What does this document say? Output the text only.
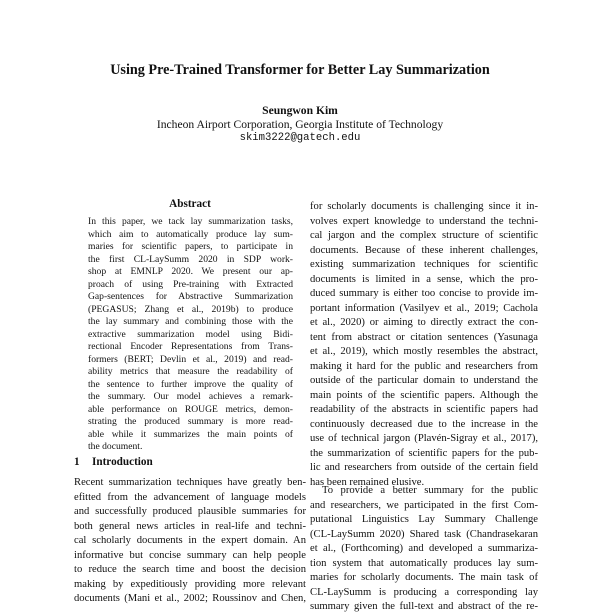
Using Pre-Trained Transformer for Better Lay Summarization
Seungwon Kim
Incheon Airport Corporation, Georgia Institute of Technology
skim3222@gatech.edu
Abstract
In this paper, we tack lay summarization tasks,
which aim to automatically produce lay sum-
maries for scientific papers, to participate in
the first CL-LaySumm 2020 in SDP work-
shop at EMNLP 2020. We present our ap-
proach of using Pre-training with Extracted
Gap-sentences for Abstractive Summarization
(PEGASUS; Zhang et al., 2019b) to produce
the lay summary and combining those with the
extractive summarization model using Bidi-
rectional Encoder Representations from Trans-
formers (BERT; Devlin et al., 2019) and read-
ability metrics that measure the readability of
the sentence to further improve the quality of
the summary. Our model achieves a remark-
able performance on ROUGE metrics, demon-
strating the produced summary is more read-
able while it summarizes the main points of
the document.
1 Introduction
Recent summarization techniques have greatly ben-
efitted from the advancement of language models
and successfully produced plausible summaries for
both general news articles in real-life and techni-
cal scholarly documents in the expert domain. An
informative but concise summary can help people
to reduce the search time and boost the decision
making by expeditiously providing more relevant
documents (Mani et al., 2002; Roussinov and Chen,
for scholarly documents is challenging since it in-
volves expert knowledge to understand the techni-
cal jargon and the complex structure of scientific
documents. Because of these inherent challenges,
existing summarization techniques for scientific
documents is limited in a sense, which the pro-
duced summary is either too concise to provide im-
portant information (Vasilyev et al., 2019; Cachola
et al., 2020) or aiming to directly extract the con-
tent from abstract or citation sentences (Yasunaga
et al., 2019), which mostly resembles the abstract,
making it hard for the public and researchers from
outside of the particular domain to understand the
main points of the scientific papers. Although the
readability of the abstracts in scientific papers had
continuously decreased due to the increase in the
use of technical jargon (Plavén-Sigray et al., 2017),
the summarization of scientific papers for the pub-
lic and researchers from outside of the certain field
has been remained elusive.
To provide a better summary for the public
and researchers, we participated in the first Com-
putational Linguistics Lay Summary Challenge
(CL-LaySumm 2020) Shared task (Chandrasekaran
et al., (Forthcoming) and developed a summariza-
tion system that automatically produces lay sum-
maries for scholarly documents. The main task of
CL-LaySumm is producing a corresponding lay
summary given the full-text and abstract of the re-
